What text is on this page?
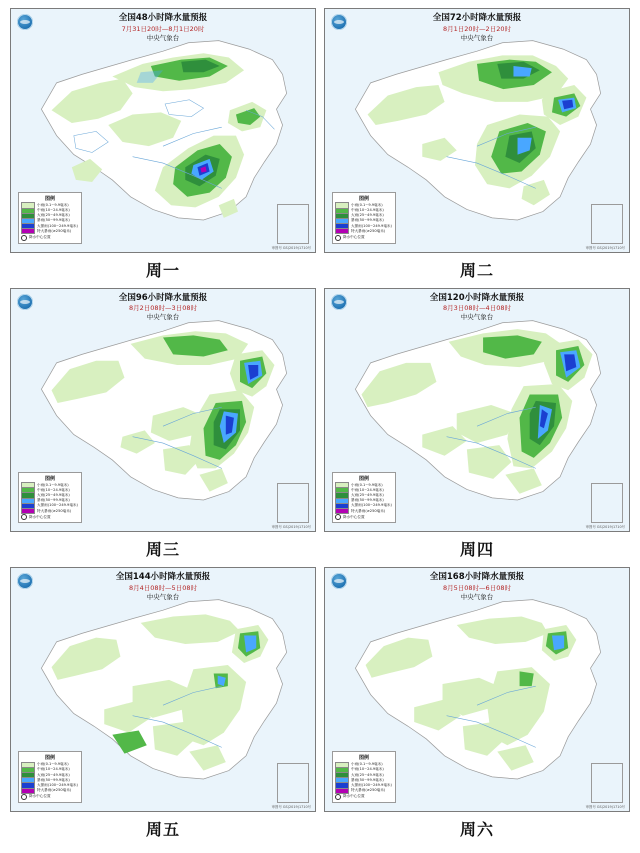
全国48小时降水量预报
7月31日20时—8月1日20时
中央气象台
图例
小雨(0.1~9.9毫米)
中雨(10~24.9毫米)
大雨(25~49.9毫米)
暴雨(50~99.9毫米)
大暴雨(100~249.9毫米)
特大暴雨(≥250毫米)
降水中心位置
审图号 GS(2019)1710号
周一
全国72小时降水量预报
8月1日20时—2日20时
中央气象台
图例
小雨(0.1~9.9毫米)
中雨(10~24.9毫米)
大雨(25~49.9毫米)
暴雨(50~99.9毫米)
大暴雨(100~249.9毫米)
特大暴雨(≥250毫米)
降水中心位置
审图号 GS(2019)1710号
周二
全国96小时降水量预报
8月2日08时—3日08时
中央气象台
图例
小雨(0.1~9.9毫米)
中雨(10~24.9毫米)
大雨(25~49.9毫米)
暴雨(50~99.9毫米)
大暴雨(100~249.9毫米)
特大暴雨(≥250毫米)
降水中心位置
审图号 GS(2019)1710号
周三
全国120小时降水量预报
8月3日08时—4日08时
中央气象台
图例
小雨(0.1~9.9毫米)
中雨(10~24.9毫米)
大雨(25~49.9毫米)
暴雨(50~99.9毫米)
大暴雨(100~249.9毫米)
特大暴雨(≥250毫米)
降水中心位置
审图号 GS(2019)1710号
周四
全国144小时降水量预报
8月4日08时—5日08时
中央气象台
图例
小雨(0.1~9.9毫米)
中雨(10~24.9毫米)
大雨(25~49.9毫米)
暴雨(50~99.9毫米)
大暴雨(100~249.9毫米)
特大暴雨(≥250毫米)
降水中心位置
审图号 GS(2019)1710号
周五
全国168小时降水量预报
8月5日08时—6日08时
中央气象台
图例
小雨(0.1~9.9毫米)
中雨(10~24.9毫米)
大雨(25~49.9毫米)
暴雨(50~99.9毫米)
大暴雨(100~249.9毫米)
特大暴雨(≥250毫米)
降水中心位置
审图号 GS(2019)1710号
周六
